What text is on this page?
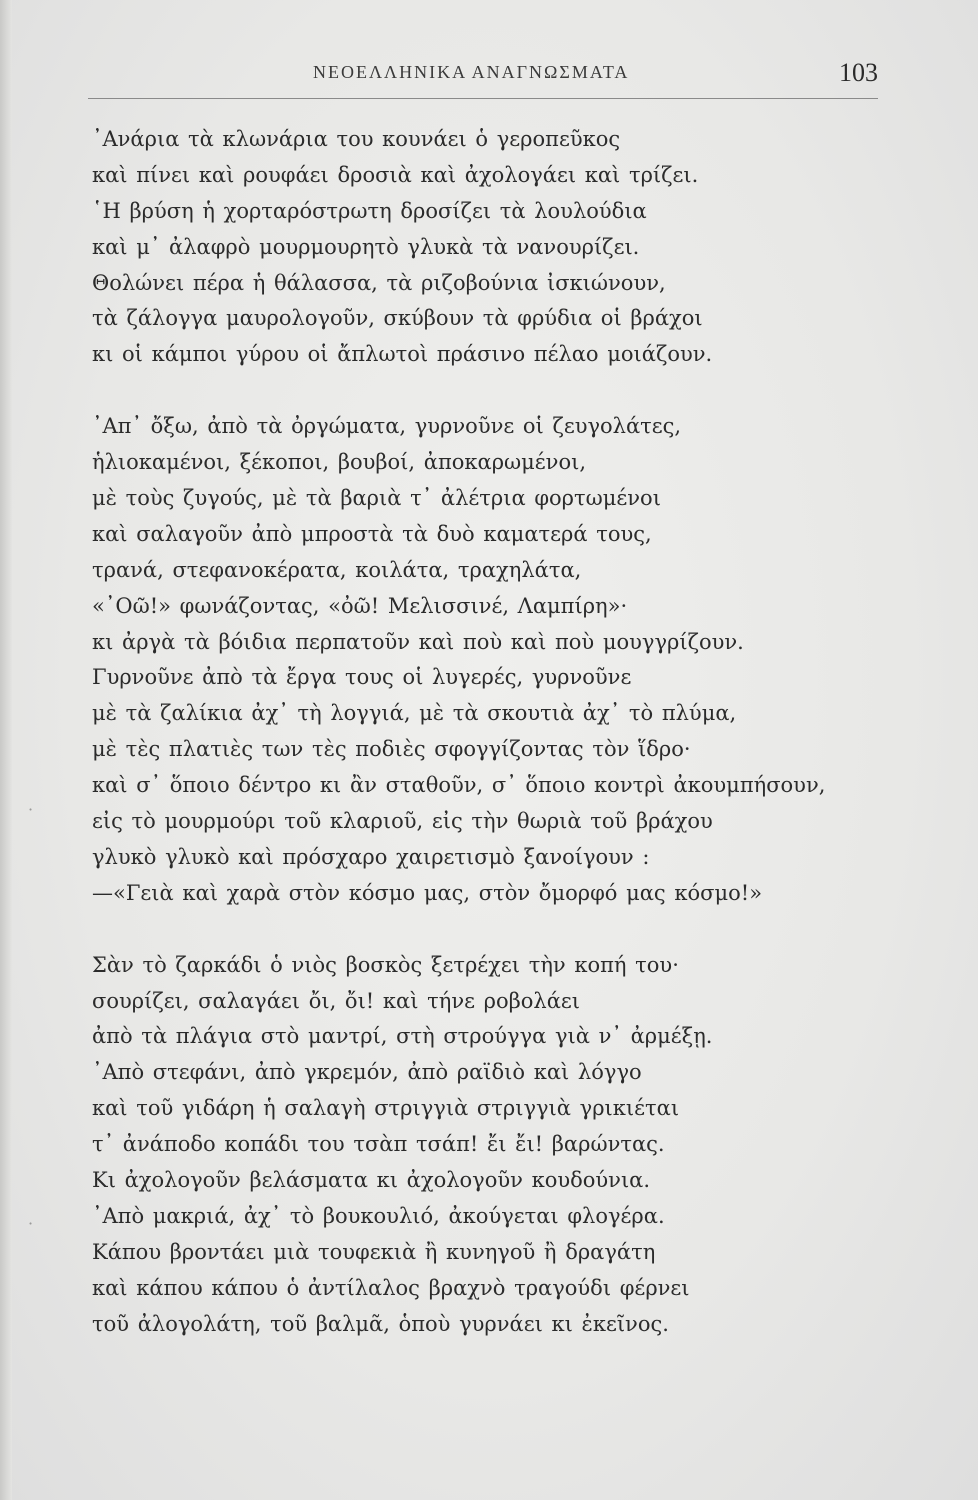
ΝΕΟΕΛΛΗΝΙΚΑ ΑΝΑΓΝΩΣΜΑΤΑ	103
᾿Ανάρια τὰ κλωνάρια του κουνάει ὁ γεροπεῦκος
καὶ πίνει καὶ ρουφάει δροσιὰ καὶ ἀχολογάει καὶ τρίζει.
῾Η βρύση ἡ χορταρόστρωτη δροσίζει τὰ λουλούδια
καὶ μ᾿ ἀλαφρὸ μουρμουρητὸ γλυκὰ τὰ νανουρίζει.
Θολώνει πέρα ἡ θάλασσα, τὰ ριζοβούνια ἰσκιώνουν,
τὰ ζάλογγα μαυρολογοῦν, σκύβουν τὰ φρύδια οἱ βράχοι
κι οἱ κάμποι γύρου οἱ ἄπλωτοὶ πράσινο πέλαο μοιάζουν.
᾿Απ᾿ ὄξω, ἀπὸ τὰ ὀργώματα, γυρνοῦνε οἱ ζευγολάτες,
ἡλιοκαμένοι, ξέκοποι, βουβοί, ἀποκαρωμένοι,
μὲ τοὺς ζυγούς, μὲ τὰ βαριὰ τ᾿ ἀλέτρια φορτωμένοι
καὶ σαλαγοῦν ἀπὸ μπροστὰ τὰ δυὸ καματερά τους,
τρανά, στεφανοκέρατα, κοιλάτα, τραχηλάτα,
«᾿Οῶ!» φωνάζοντας, «ὀῶ! Μελισσινέ, Λαμπίρη»·
κι ἀργὰ τὰ βόιδια περπατοῦν καὶ ποὺ καὶ ποὺ μουγγρίζουν.
Γυρνοῦνε ἀπὸ τὰ ἔργα τους οἱ λυγερές, γυρνοῦνε
μὲ τὰ ζαλίκια ἀχ᾿ τὴ λογγιά, μὲ τὰ σκουτιὰ ἀχ᾿ τὸ πλύμα,
μὲ τὲς πλατιὲς των τὲς ποδιὲς σφογγίζοντας τὸν ἵδρο·
καὶ σ᾿ ὅποιο δέντρο κι ἂν σταθοῦν, σ᾿ ὅποιο κοντρὶ ἀκουμπήσουν,
εἰς τὸ μουρμούρι τοῦ κλαριοῦ, εἰς τὴν θωριὰ τοῦ βράχου
γλυκὸ γλυκὸ καὶ πρόσχαρο χαιρετισμὸ ξανοίγουν :
—«Γειὰ καὶ χαρὰ στὸν κόσμο μας, στὸν ὄμορφό μας κόσμο!»
Σὰν τὸ ζαρκάδι ὁ νιὸς βοσκὸς ξετρέχει τὴν κοπή του·
σουρίζει, σαλαγάει ὄι, ὄι! καὶ τήνε ροβολάει
ἀπὸ τὰ πλάγια στὸ μαντρί, στὴ στρούγγα γιὰ ν᾿ ἀρμέξῃ.
᾿Απὸ στεφάνι, ἀπὸ γκρεμόν, ἀπὸ ραϊδιὸ καὶ λόγγο
καὶ τοῦ γιδάρη ἡ σαλαγὴ στριγγιὰ στριγγιὰ γρικιέται
τ᾿ ἀνάποδο κοπάδι του τσὰπ τσάπ! ἔι ἔι! βαρώντας.
Κι ἀχολογοῦν βελάσματα κι ἀχολογοῦν κουδούνια.
᾿Απὸ μακριά, ἀχ᾿ τὸ βουκουλιό, ἀκούγεται φλογέρα.
Κάπου βροντάει μιὰ τουφεκιὰ ἢ κυνηγοῦ ἢ δραγάτη
καὶ κάπου κάπου ὁ ἀντίλαλος βραχνὸ τραγούδι φέρνει
τοῦ ἀλογολάτη, τοῦ βαλμᾶ, ὁποὺ γυρνάει κι ἐκεῖνος.
·
·
